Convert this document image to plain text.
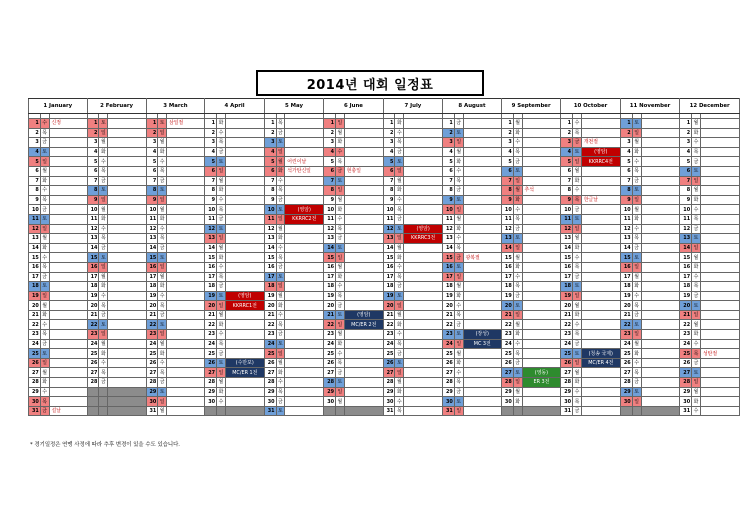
2014년 대회 일정표
1 January			2 February			3 March			4 April			5 May			6 June			7 July			8 August			9 September			10 October			11 November			12 December		

1	수	신정	1	토		1	토	삼일절	1	화		1	목		1	일		1	화		1	금		1	월		1	수		1	토		1	월	
2	목		2	일		2	일		2	수		2	금		2	월		2	수		2	토		2	화		2	목		2	일		2	화	
3	금		3	월		3	월		3	목		3	토		3	화		3	목		3	일		3	수		3	금	개천절	3	월		3	수	
4	토		4	화		4	화		4	금		4	일		4	수		4	금		4	월		4	목		4	토	(영암)	4	화		4	목	
5	일		5	수		5	수		5	토		5	월	어린이날	5	목		5	토		5	화		5	금		5	일	KKRRC4전	5	수		5	금	
6	월		6	목		6	목		6	일		6	화	석가탄신일	6	금	현충일	6	일		6	수		6	토		6	월		6	목		6	토	
7	화		7	금		7	금		7	월		7	수		7	토		7	월		7	목		7	일		7	화		7	금		7	일	
8	수		8	토		8	토		8	화		8	목		8	일		8	화		8	금		8	월	추석	8	수		8	토		8	월	
9	목		9	일		9	일		9	수		9	금		9	월		9	수		9	토		9	화		9	목	한글날	9	일		9	화	
10	금		10	월		10	월		10	목		10	토	(영암)	10	화		10	목		10	일		10	수		10	금		10	월		10	수	
11	토		11	화		11	화		11	금		11	일	KKRRC2전	11	수		11	금		11	월		11	목		11	토		11	화		11	목	
12	일		12	수		12	수		12	토		12	월		12	목		12	토	(영암)	12	화		12	금		12	일		12	수		12	금	
13	월		13	목		13	목		13	일		13	화		13	금		13	일	KKRRC3전	13	수		13	토		13	월		13	목		13	토	
14	화		14	금		14	금		14	월		14	수		14	토		14	월		14	목		14	일		14	화		14	금		14	일	
15	수		15	토		15	토		15	화		15	목		15	일		15	화		15	금	광복절	15	월		15	수		15	토		15	월	
16	목		16	일		16	일		16	수		16	금		16	월		16	수		16	토		16	화		16	목		16	일		16	화	
17	금		17	월		17	월		17	목		17	토		17	화		17	목		17	일		17	수		17	금		17	월		17	수	
18	토		18	화		18	화		18	금		18	일		18	수		18	금		18	월		18	목		18	토		18	화		18	목	
19	일		19	수		19	수		19	토	(영암)	19	월		19	목		19	토		19	화		19	금		19	일		19	수		19	금	
20	월		20	목		20	목		20	일	KKRRC1전	20	화		20	금		20	일		20	수		20	토		20	월		20	목		20	토	
21	화		21	금		21	금		21	월		21	수		21	토	(영암)	21	월		21	목		21	일		21	화		21	금		21	일	
22	수		22	토		22	토		22	화		22	목		22	일	MC/ER 2전	22	화		22	금		22	월		22	수		22	토		22	월	
23	목		23	일		23	일		23	수		23	금		23	월		23	수		23	토	(장성)	23	화		23	목		23	일		23	화	
24	금		24	월		24	월		24	목		24	토		24	화		24	목		24	일	MC 3전	24	수		24	금		24	월		24	수	
25	토		25	화		25	화		25	금		25	일		25	수		25	금		25	월		25	목		25	토	(청송 국제)	25	화		25	목	성탄절
26	일		26	수		26	수		26	토	(수만포)	26	월		26	목		26	토		26	화		26	금		26	일	MC/ER 4전	26	수		26	금	
27	월		27	목		27	목		27	일	MC/ER 1전	27	화		27	금		27	일		27	수		27	토	(영동)	27	월		27	목		27	토	
28	화		28	금		28	금		28	월		28	수		28	토		28	월		28	목		28	일	ER 3전	28	화		28	금		28	일	
29	수					29	토		29	화		29	목		29	일		29	화		29	금		29	월		29	수		29	토		29	월	
30	목					30	일		30	수		30	금		30	월		30	수		30	토		30	화		30	목		30	일		30	화	
31	금	설날				31	월					31	토					31	목		31	일					31	금					31	수	
* 경기일정은 연맹 사정에 따라 추후 변경이 있을 수도 있습니다.
